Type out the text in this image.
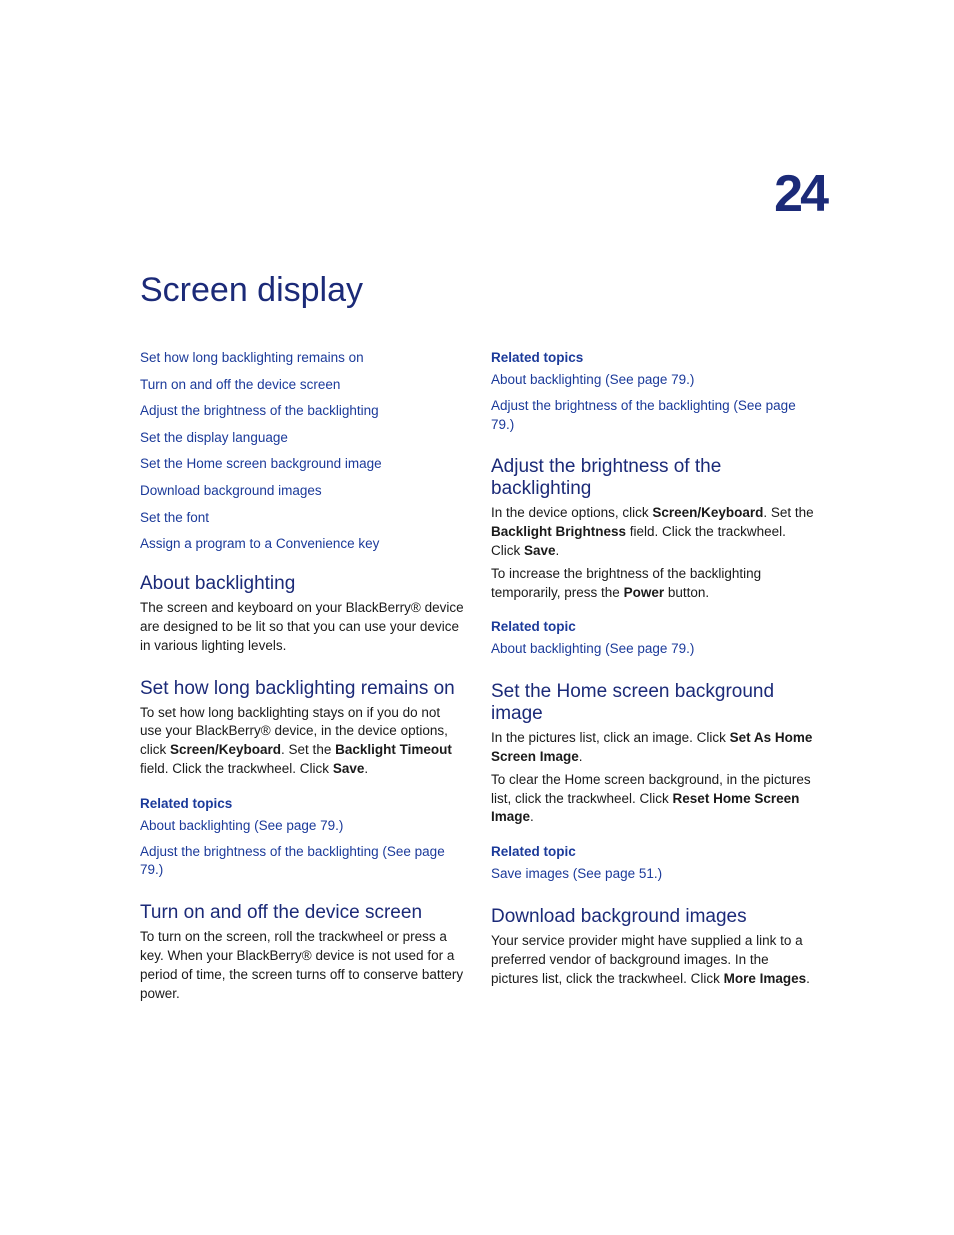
24
Screen display
Set how long backlighting remains on
Turn on and off the device screen
Adjust the brightness of the backlighting
Set the display language
Set the Home screen background image
Download background images
Set the font
Assign a program to a Convenience key
About backlighting

The screen and keyboard on your BlackBerry® device are designed to be lit so that you can use your device in various lighting levels.

Set how long backlighting remains on

To set how long backlighting stays on if you do not use your BlackBerry® device, in the device options, click Screen/Keyboard. Set the Backlight Timeout field. Click the trackwheel. Click Save.

Related topics
About backlighting (See page 79.)
Adjust the brightness of the backlighting (See page 79.)
Turn on and off the device screen

To turn on the screen, roll the trackwheel or press a key. When your BlackBerry® device is not used for a period of time, the screen turns off to conserve battery power.

Related topics
About backlighting (See page 79.)
Adjust the brightness of the backlighting (See page 79.)
Adjust the brightness of the backlighting

In the device options, click Screen/Keyboard. Set the Backlight Brightness field. Click the trackwheel. Click Save.

To increase the brightness of the backlighting temporarily, press the Power button.

Related topic
About backlighting (See page 79.)
Set the Home screen background image

In the pictures list, click an image. Click Set As Home Screen Image.

To clear the Home screen background, in the pictures list, click the trackwheel. Click Reset Home Screen Image.

Related topic
Save images (See page 51.)
Download background images

Your service provider might have supplied a link to a preferred vendor of background images. In the pictures list, click the trackwheel. Click More Images.
